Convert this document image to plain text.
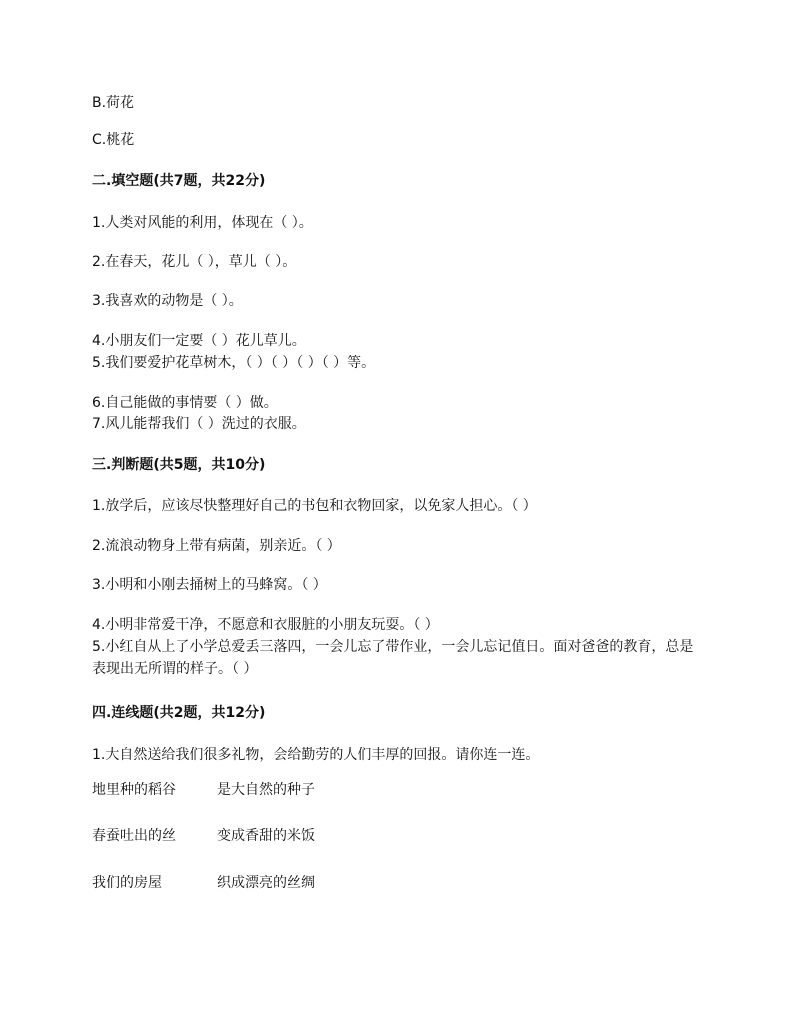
B.荷花
C.桃花
二.填空题(共7题，共22分)
1.人类对风能的利用，体现在（ ）。
2.在春天，花儿（ ），草儿（ ）。
3.我喜欢的动物是（ ）。
4.小朋友们一定要（ ）花儿草儿。
5.我们要爱护花草树木，（ ）（ ）（ ）（ ）等。
6.自己能做的事情要（ ）做。
7.风儿能帮我们（ ）洗过的衣服。
三.判断题(共5题，共10分)
1.放学后，应该尽快整理好自己的书包和衣物回家，以免家人担心。（ ）
2.流浪动物身上带有病菌，别亲近。（ ）
3.小明和小刚去捅树上的马蜂窝。（ ）
4.小明非常爱干净，不愿意和衣服脏的小朋友玩耍。（ ）
5.小红自从上了小学总爱丢三落四，一会儿忘了带作业，一会儿忘记值日。面对爸爸的教育，总是表现出无所谓的样子。（ ）
四.连线题(共2题，共12分)
1.大自然送给我们很多礼物，会给勤劳的人们丰厚的回报。请你连一连。
地里种的稻谷	是大自然的种子
春蚕吐出的丝	变成香甜的米饭
我们的房屋	织成漂亮的丝绸
